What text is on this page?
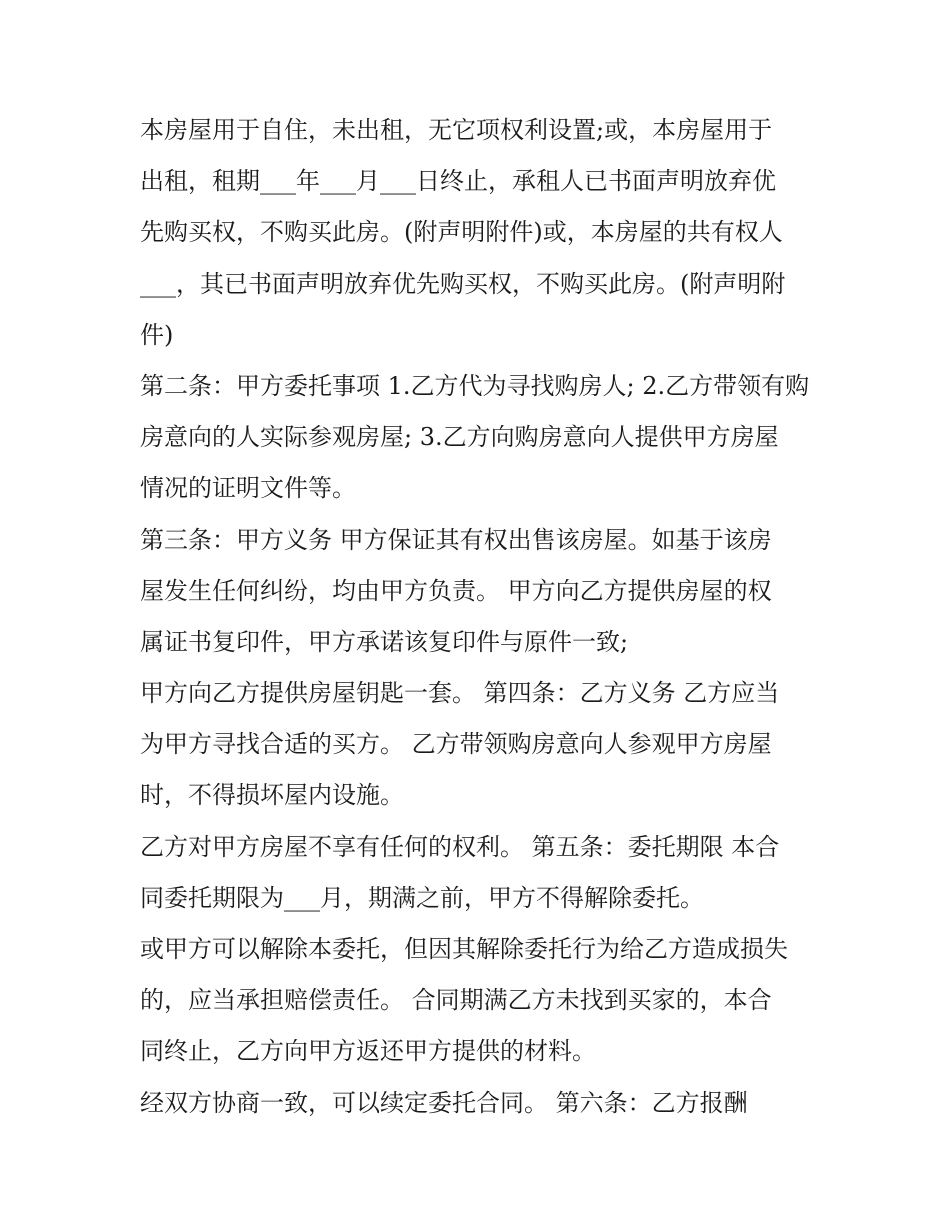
本房屋用于自住，未出租，无它项权利设置;或，本房屋用于
出租，租期___年___月___日终止，承租人已书面声明放弃优
先购买权，不购买此房。(附声明附件)或，本房屋的共有权人
___，其已书面声明放弃优先购买权，不购买此房。(附声明附
件)
第二条：甲方委托事项 1.乙方代为寻找购房人; 2.乙方带领有购
房意向的人实际参观房屋; 3.乙方向购房意向人提供甲方房屋
情况的证明文件等。
第三条：甲方义务 甲方保证其有权出售该房屋。如基于该房
屋发生任何纠纷，均由甲方负责。 甲方向乙方提供房屋的权
属证书复印件，甲方承诺该复印件与原件一致;
甲方向乙方提供房屋钥匙一套。 第四条：乙方义务 乙方应当
为甲方寻找合适的买方。 乙方带领购房意向人参观甲方房屋
时，不得损坏屋内设施。
乙方对甲方房屋不享有任何的权利。 第五条：委托期限 本合
同委托期限为___月，期满之前，甲方不得解除委托。
或甲方可以解除本委托，但因其解除委托行为给乙方造成损失
的，应当承担赔偿责任。 合同期满乙方未找到买家的，本合
同终止，乙方向甲方返还甲方提供的材料。
经双方协商一致，可以续定委托合同。 第六条：乙方报酬
